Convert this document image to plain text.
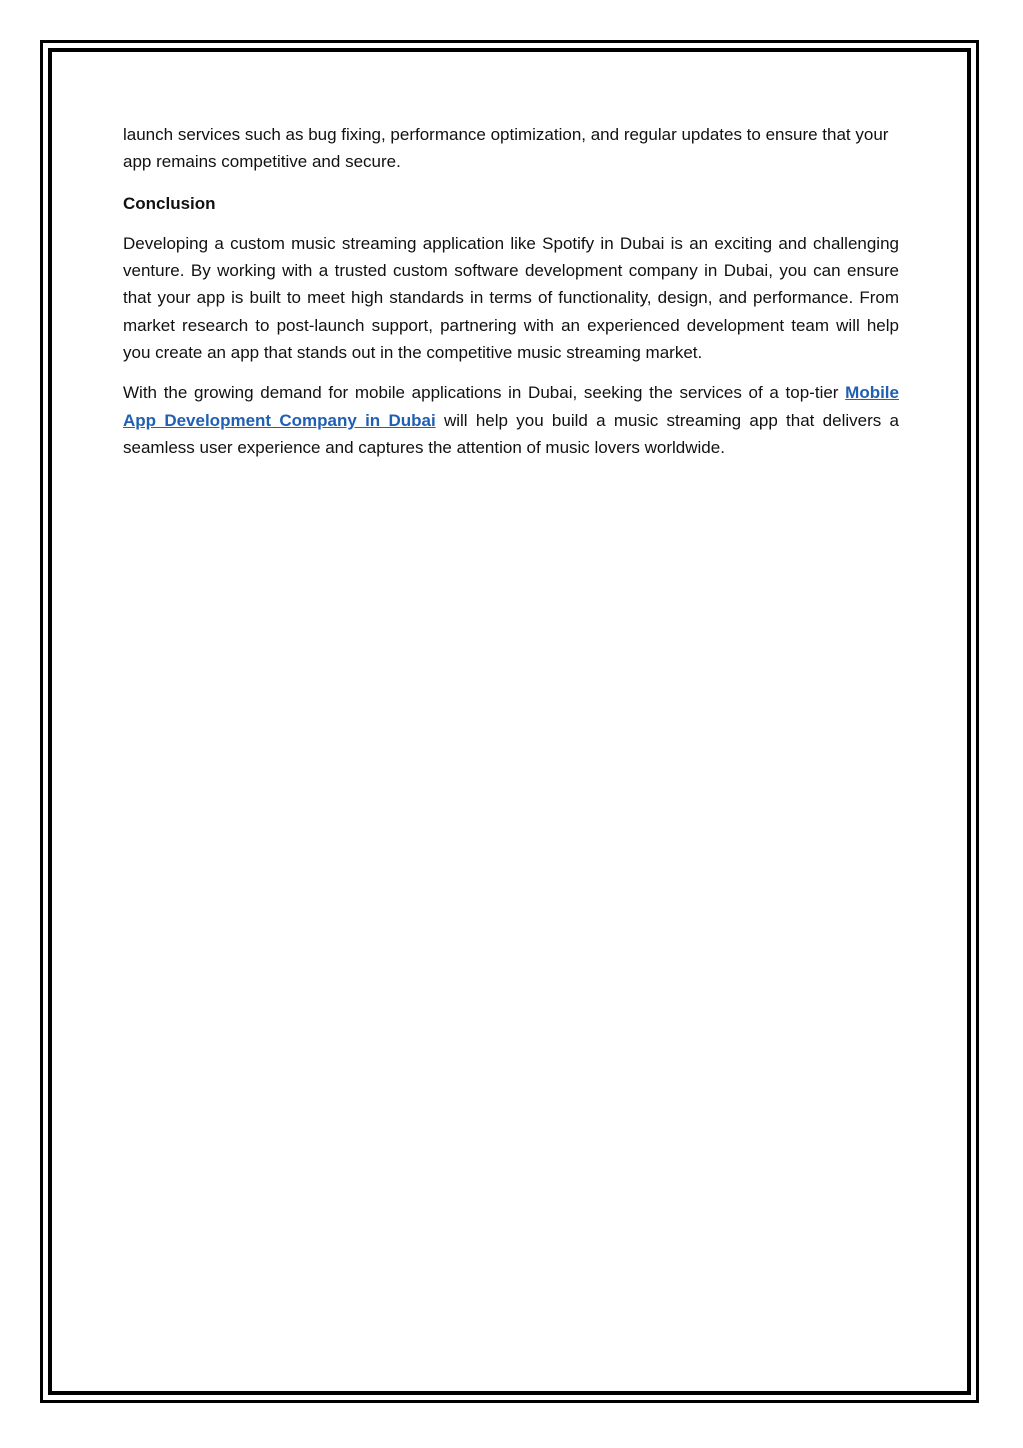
launch services such as bug fixing, performance optimization, and regular updates to ensure that your app remains competitive and secure.

Conclusion

Developing a custom music streaming application like Spotify in Dubai is an exciting and challenging venture. By working with a trusted custom software development company in Dubai, you can ensure that your app is built to meet high standards in terms of functionality, design, and performance. From market research to post-launch support, partnering with an experienced development team will help you create an app that stands out in the competitive music streaming market.

With the growing demand for mobile applications in Dubai, seeking the services of a top-tier Mobile App Development Company in Dubai will help you build a music streaming app that delivers a seamless user experience and captures the attention of music lovers worldwide.
